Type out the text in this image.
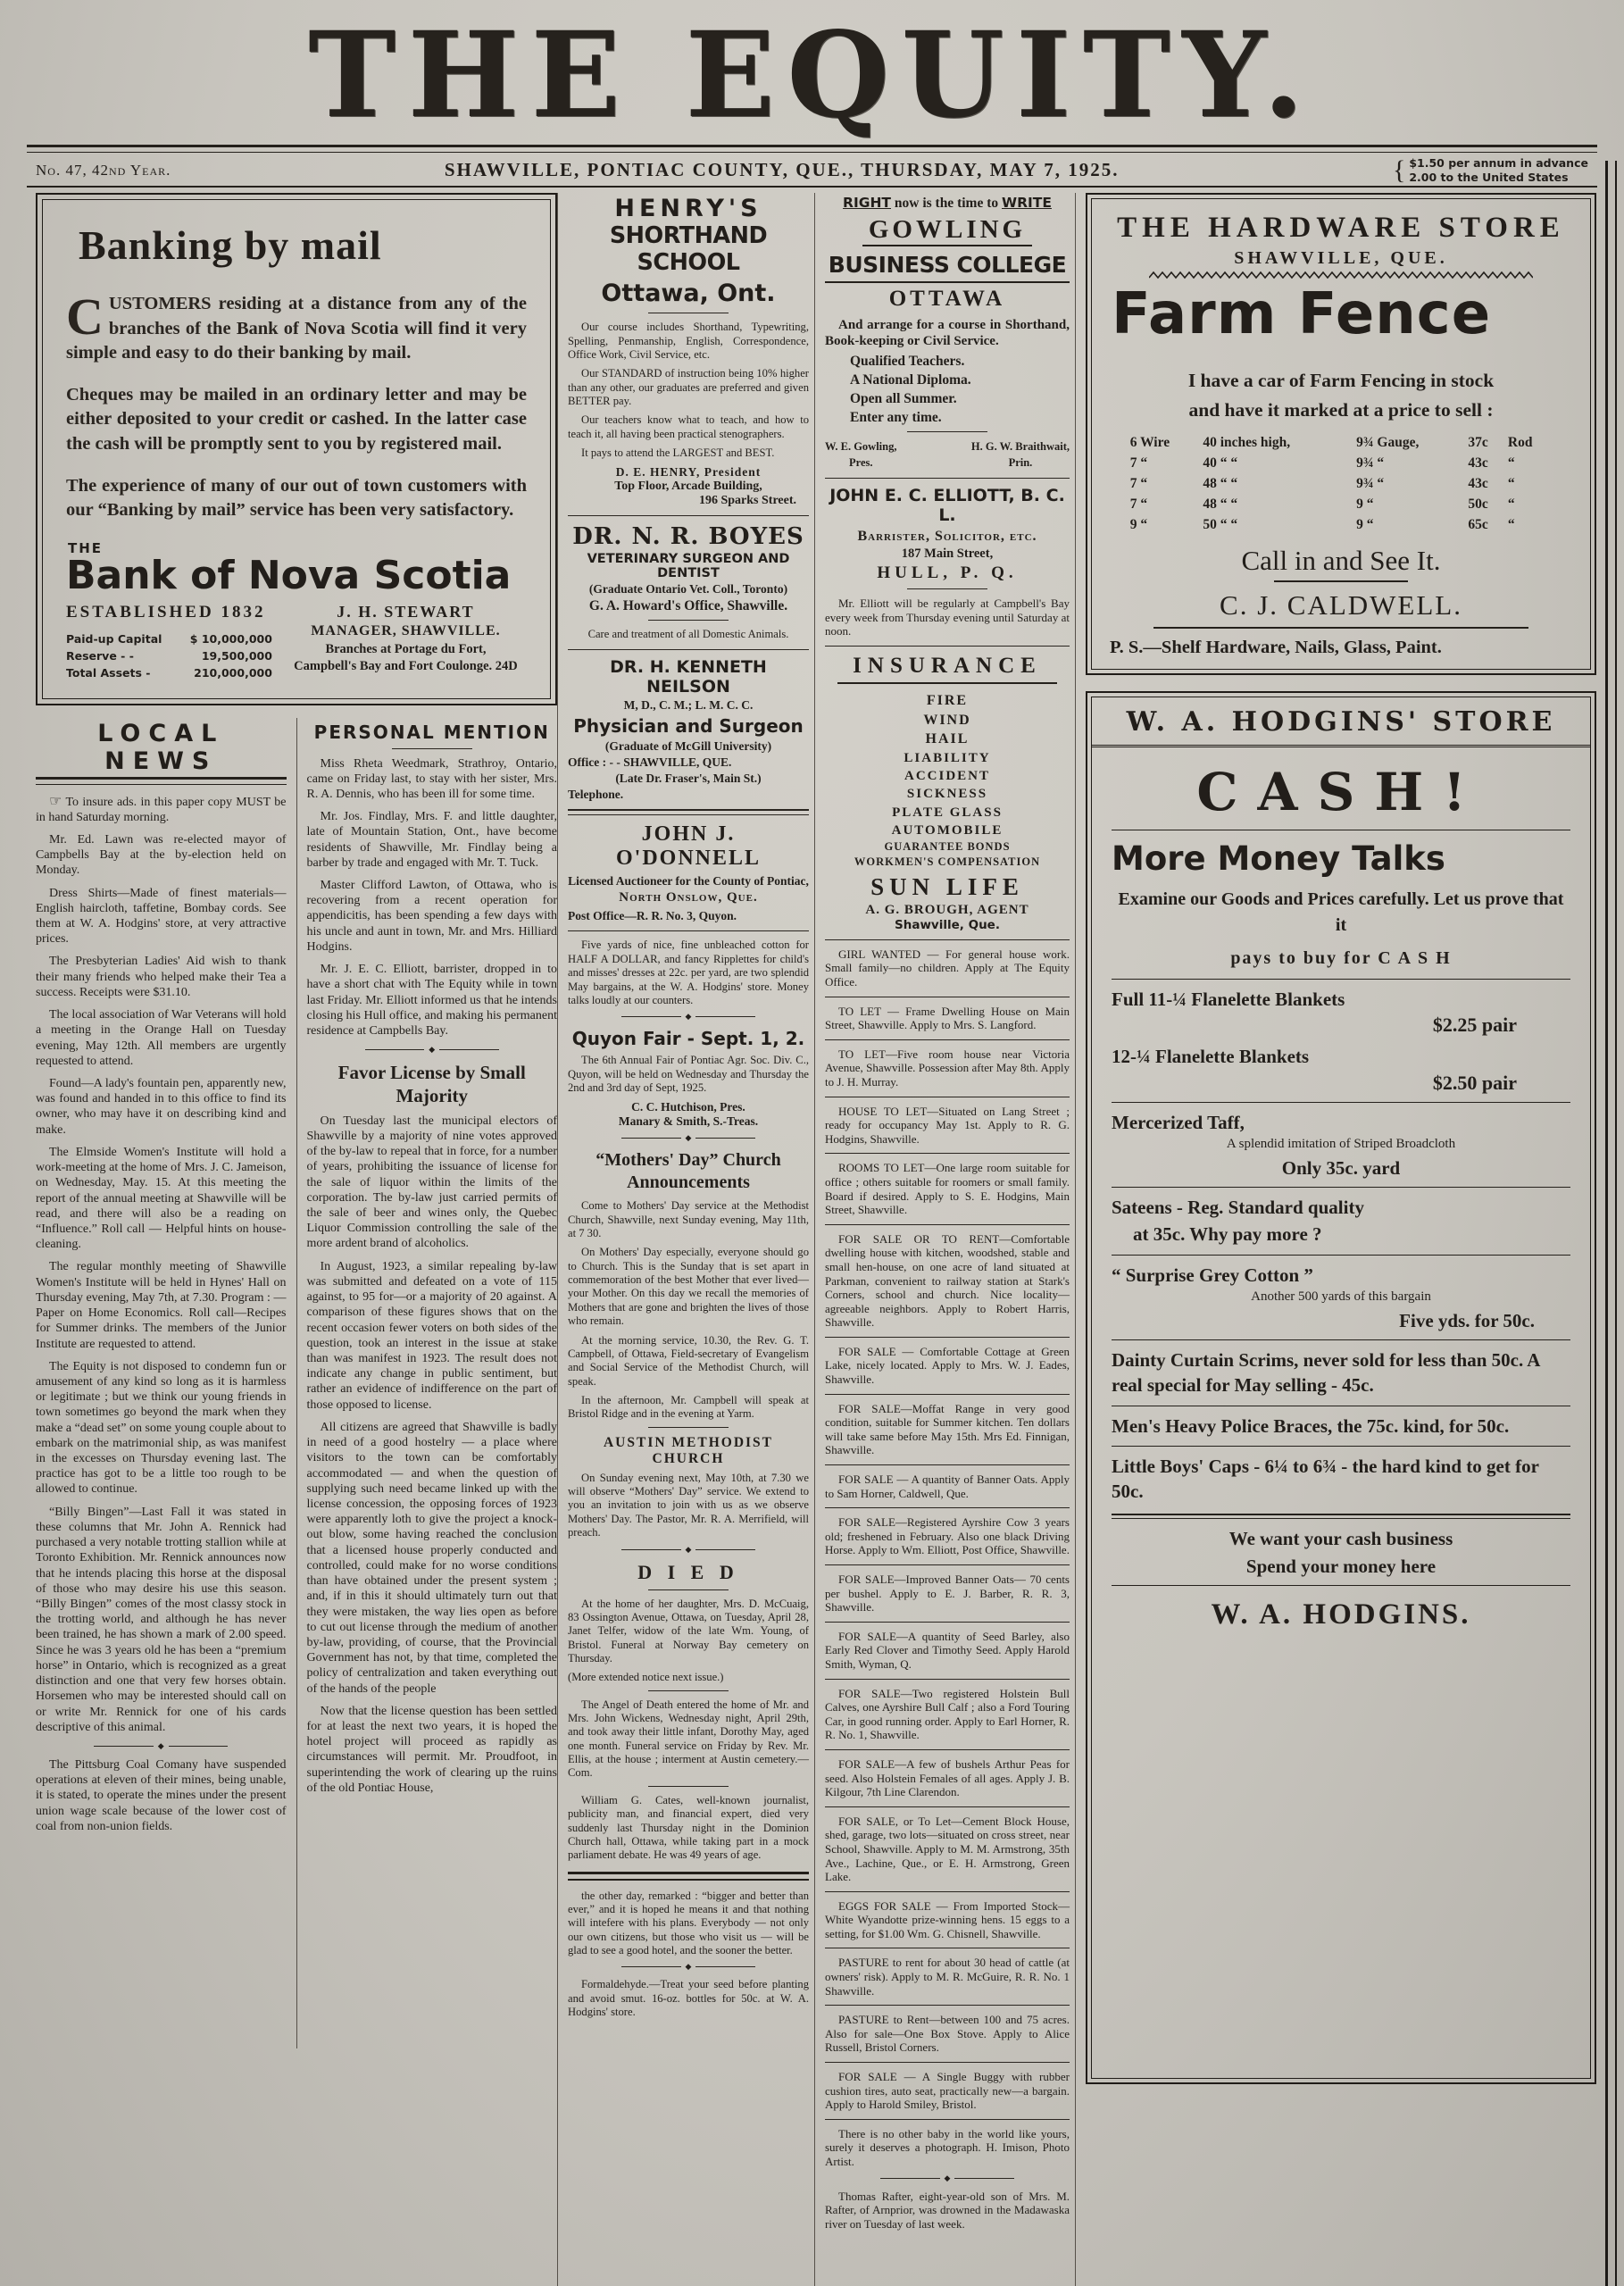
THE EQUITY.
No. 47, 42nd Year.	SHAWVILLE, PONTIAC COUNTY, QUE., THURSDAY, MAY 7, 1925.	{ $1.50 per annum in advance
2.00 to the United States
Banking by mail

CUSTOMERS residing at a distance from any of the branches of the Bank of Nova Scotia will find it very simple and easy to do their banking by mail.

Cheques may be mailed in an ordinary letter and may be either deposited to your credit or cashed. In the latter case the cash will be promptly sent to you by registered mail.

The experience of many of our out of town customers with our “Banking by mail” service has been very satisfactory.

THE
Bank of Nova Scotia
ESTABLISHED 1832
Paid-up Capital	$ 10,000,000
Reserve - -	19,500,000
Total Assets -	210,000,000
J. H. STEWART
MANAGER, SHAWVILLE.
Branches at Portage du Fort,
Campbell's Bay and Fort Coulonge. 24D
LOCAL NEWS

☞ To insure ads. in this paper copy MUST be in hand Saturday morning.

Mr. Ed. Lawn was re-elected mayor of Campbells Bay at the by-election held on Monday.

Dress Shirts—Made of finest materials—English haircloth, taffetine, Bombay cords. See them at W. A. Hodgins' store, at very attractive prices.

The Presbyterian Ladies' Aid wish to thank their many friends who helped make their Tea a success. Receipts were $31.10.

The local association of War Veterans will hold a meeting in the Orange Hall on Tuesday evening, May 12th. All members are urgently requested to attend.

Found—A lady's fountain pen, apparently new, was found and handed in to this office to find its owner, who may have it on describing kind and make.

The Elmside Women's Institute will hold a work-meeting at the home of Mrs. J. C. Jameison, on Wednesday, May. 15. At this meeting the report of the annual meeting at Shawville will be read, and there will also be a reading on “Influence.” Roll call — Helpful hints on house-cleaning.

The regular monthly meeting of Shawville Women's Institute will be held in Hynes' Hall on Thursday evening, May 7th, at 7.30. Program : —Paper on Home Economics. Roll call—Recipes for Summer drinks. The members of the Junior Institute are requested to attend.

The Equity is not disposed to condemn fun or amusement of any kind so long as it is harmless or legitimate ; but we think our young friends in town sometimes go beyond the mark when they make a “dead set” on some young couple about to embark on the matrimonial ship, as was manifest in the excesses on Thursday evening last. The practice has got to be a little too rough to be allowed to continue.

“Billy Bingen”—Last Fall it was stated in these columns that Mr. John A. Rennick had purchased a very notable trotting stallion while at Toronto Exhibition. Mr. Rennick announces now that he intends placing this horse at the disposal of those who may desire his use this season. “Billy Bingen” comes of the most classy stock in the trotting world, and although he has never been trained, he has shown a mark of 2.00 speed. Since he was 3 years old he has been a “premium horse” in Ontario, which is recognized as a great distinction and one that very few horses obtain. Horsemen who may be interested should call on or write Mr. Rennick for one of his cards descriptive of this animal.

◆

The Pittsburg Coal Comany have suspended operations at eleven of their mines, being unable, it is stated, to operate the mines under the present union wage scale because of the lower cost of coal from non-union fields.

PERSONAL MENTION

Miss Rheta Weedmark, Strathroy, Ontario, came on Friday last, to stay with her sister, Mrs. R. A. Dennis, who has been ill for some time.

Mr. Jos. Findlay, Mrs. F. and little daughter, late of Mountain Station, Ont., have become residents of Shawville, Mr. Findlay being a barber by trade and engaged with Mr. T. Tuck.

Master Clifford Lawton, of Ottawa, who is recovering from a recent operation for appendicitis, has been spending a few days with his uncle and aunt in town, Mr. and Mrs. Hilliard Hodgins.

Mr. J. E. C. Elliott, barrister, dropped in to have a short chat with The Equity while in town last Friday. Mr. Elliott informed us that he intends closing his Hull office, and making his permanent residence at Campbells Bay.

◆
Favor License by Small
Majority

On Tuesday last the municipal electors of Shawville by a majority of nine votes approved of the by-law to repeal that in force, for a number of years, prohibiting the issuance of license for the sale of liquor within the limits of the corporation. The by-law just carried permits of the sale of beer and wines only, the Quebec Liquor Commission controlling the sale of the more ardent brand of alcoholics.

In August, 1923, a similar repealing by-law was submitted and defeated on a vote of 115 against, to 95 for—or a majority of 20 against. A comparison of these figures shows that on the recent occasion fewer voters on both sides of the question, took an interest in the issue at stake than was manifest in 1923. The result does not indicate any change in public sentiment, but rather an evidence of indifference on the part of those opposed to license.

All citizens are agreed that Shawville is badly in need of a good hostelry — a place where visitors to the town can be comfortably accommodated — and when the question of supplying such need became linked up with the license concession, the opposing forces of 1923 were apparently loth to give the project a knock-out blow, some having reached the conclusion that a licensed house properly conducted and controlled, could make for no worse conditions than have obtained under the present system ; and, if in this it should ultimately turn out that they were mistaken, the way lies open as before to cut out license through the medium of another by-law, providing, of course, that the Provincial Government has not, by that time, completed the policy of centralization and taken everything out of the hands of the people

Now that the license question has been settled for at least the next two years, it is hoped the hotel project will proceed as rapidly as circumstances will permit. Mr. Proudfoot, in superintending the work of clearing up the ruins of the old Pontiac House,

HENRY'S
SHORTHAND SCHOOL
Ottawa, Ont.

Our course includes Shorthand, Typewriting, Spelling, Penmanship, English, Correspondence, Office Work, Civil Service, etc.

Our STANDARD of instruction being 10% higher than any other, our graduates are preferred and given BETTER pay.

Our teachers know what to teach, and how to teach it, all having been practical stenographers.

It pays to attend the LARGEST and BEST.

D. E. HENRY, President
Top Floor, Arcade Building,
196 Sparks Street.
DR. N. R. BOYES
VETERINARY SURGEON AND DENTIST
(Graduate Ontario Vet. Coll., Toronto)
G. A. Howard's Office, Shawville.

Care and treatment of all Domestic Animals.

DR. H. KENNETH NEILSON
M, D., C. M.; L. M. C. C.
Physician and Surgeon
(Graduate of McGill University)
Office : - - SHAWVILLE, QUE.
(Late Dr. Fraser's, Main St.)
Telephone.
JOHN J. O'DONNELL
Licensed Auctioneer for the County of Pontiac,
North Onslow, Que.
Post Office—R. R. No. 3, Quyon.

Five yards of nice, fine unbleached cotton for HALF A DOLLAR, and fancy Ripplettes for child's and misses' dresses at 22c. per yard, are two splendid May bargains, at the W. A. Hodgins' store. Money talks loudly at our counters.

◆
Quyon Fair - Sept. 1, 2.

The 6th Annual Fair of Pontiac Agr. Soc. Div. C., Quyon, will be held on Wednesday and Thursday the 2nd and 3rd day of Sept, 1925.

C. C. Hutchison, Pres.
Manary & Smith, S.-Treas.
◆
“Mothers' Day” Church
Announcements

Come to Mothers' Day service at the Methodist Church, Shawville, next Sunday evening, May 11th, at 7 30.

On Mothers' Day especially, everyone should go to Church. This is the Sunday that is set apart in commemoration of the best Mother that ever lived—your Mother. On this day we recall the memories of Mothers that are gone and brighten the lives of those who remain.

At the morning service, 10.30, the Rev. G. T. Campbell, of Ottawa, Field-secretary of Evangelism and Social Service of the Methodist Church, will speak.

In the afternoon, Mr. Campbell will speak at Bristol Ridge and in the evening at Yarm.

AUSTIN METHODIST CHURCH

On Sunday evening next, May 10th, at 7.30 we will observe “Mothers' Day” service. We extend to you an invitation to join with us as we observe Mothers' Day. The Pastor, Mr. R. A. Merrifield, will preach.

◆
D I E D

At the home of her daughter, Mrs. D. McCuaig, 83 Ossington Avenue, Ottawa, on Tuesday, April 28, Janet Telfer, widow of the late Wm. Young, of Bristol. Funeral at Norway Bay cemetery on Thursday.

(More extended notice next issue.)

The Angel of Death entered the home of Mr. and Mrs. John Wickens, Wednesday night, April 29th, and took away their little infant, Dorothy May, aged one month. Funeral service on Friday by Rev. Mr. Ellis, at the house ; interment at Austin cemetery.—Com.

William G. Cates, well-known journalist, publicity man, and financial expert, died very suddenly last Thursday night in the Dominion Church hall, Ottawa, while taking part in a mock parliament debate. He was 49 years of age.

the other day, remarked : “bigger and better than ever,” and it is hoped he means it and that nothing will intefere with his plans. Everybody — not only our own citizens, but those who visit us — will be glad to see a good hotel, and the sooner the better.

◆

Formaldehyde.—Treat your seed before planting and avoid smut. 16-oz. bottles for 50c. at W. A. Hodgins' store.

RIGHT now is the time to WRITE
GOWLING
BUSINESS COLLEGE
OTTAWA

And arrange for a course in Shorthand, Book-keeping or Civil Service.

Qualified Teachers.
A National Diploma.
Open all Summer.
Enter any time.
W. E. Gowling,
Pres.
H. G. W. Braithwait,
Prin.
JOHN E. C. ELLIOTT, B. C. L.
Barrister, Solicitor, etc.
187 Main Street,
HULL, P. Q.

Mr. Elliott will be regularly at Campbell's Bay every week from Thursday evening until Saturday at noon.

INSURANCE
FIRE
WIND
HAIL
LIABILITY
ACCIDENT
SICKNESS
PLATE GLASS
AUTOMOBILE
GUARANTEE BONDS
WORKMEN'S COMPENSATION
SUN LIFE
A. G. BROUGH, AGENT
Shawville, Que.

GIRL WANTED — For general house work. Small family—no children. Apply at The Equity Office.

TO LET — Frame Dwelling House on Main Street, Shawville. Apply to Mrs. S. Langford.

TO LET—Five room house near Victoria Avenue, Shawville. Possession after May 8th. Apply to J. H. Murray.

HOUSE TO LET—Situated on Lang Street ; ready for occupancy May 1st. Apply to R. G. Hodgins, Shawville.

ROOMS TO LET—One large room suitable for office ; others suitable for roomers or small family. Board if desired. Apply to S. E. Hodgins, Main Street, Shawville.

FOR SALE OR TO RENT—Comfortable dwelling house with kitchen, woodshed, stable and small hen-house, on one acre of land situated at Parkman, convenient to railway station at Stark's Corners, school and church. Nice locality— agreeable neighbors. Apply to Robert Harris, Shawville.

FOR SALE — Comfortable Cottage at Green Lake, nicely located. Apply to Mrs. W. J. Eades, Shawville.

FOR SALE—Moffat Range in very good condition, suitable for Summer kitchen. Ten dollars will take same before May 15th. Mrs Ed. Finnigan, Shawville.

FOR SALE — A quantity of Banner Oats. Apply to Sam Horner, Caldwell, Que.

FOR SALE—Registered Ayrshire Cow 3 years old; freshened in February. Also one black Driving Horse. Apply to Wm. Elliott, Post Office, Shawville.

FOR SALE—Improved Banner Oats— 70 cents per bushel. Apply to E. J. Barber, R. R. 3, Shawville.

FOR SALE—A quantity of Seed Barley, also Early Red Clover and Timothy Seed. Apply Harold Smith, Wyman, Q.

FOR SALE—Two registered Holstein Bull Calves, one Ayrshire Bull Calf ; also a Ford Touring Car, in good running order. Apply to Earl Horner, R. R. No. 1, Shawville.

FOR SALE—A few of bushels Arthur Peas for seed. Also Holstein Females of all ages. Apply J. B. Kilgour, 7th Line Clarendon.

FOR SALE, or To Let—Cement Block House, shed, garage, two lots—situated on cross street, near School, Shawville. Apply to M. M. Armstrong, 35th Ave., Lachine, Que., or E. H. Armstrong, Green Lake.

EGGS FOR SALE — From Imported Stock—White Wyandotte prize-winning hens. 15 eggs to a setting, for $1.00 Wm. G. Chisnell, Shawville.

PASTURE to rent for about 30 head of cattle (at owners' risk). Apply to M. R. McGuire, R. R. No. 1 Shawville.

PASTURE to Rent—between 100 and 75 acres. Also for sale—One Box Stove. Apply to Alice Russell, Bristol Corners.

FOR SALE — A Single Buggy with rubber cushion tires, auto seat, practically new—a bargain. Apply to Harold Smiley, Bristol.

There is no other baby in the world like yours, surely it deserves a photograph. H. Imison, Photo Artist.

◆

Thomas Rafter, eight-year-old son of Mrs. M. Rafter, of Arnprior, was drowned in the Madawaska river on Tuesday of last week.

THE HARDWARE STORE
SHAWVILLE, QUE.
Farm Fence

I have a car of Farm Fencing in stock
and have it marked at a price to sell :

6 Wire	40 inches high,	9¾ Gauge,	37c	Rod
7 “	40 “ “	9¾ “	43c	“
7 “	48 “ “	9¾ “	43c	“
7 “	48 “ “	9 “	50c	“
9 “	50 “ “	9 “	65c	“
Call in and See It.
C. J. CALDWELL.
P. S.—Shelf Hardware, Nails, Glass, Paint.
W. A. HODGINS' STORE
CASH!
More Money Talks

Examine our Goods and Prices carefully. Let us prove that it

pays to buy for C A S H

Full 11-¼ Flanelette Blankets
$2.25 pair
12-¼ Flanelette Blankets
$2.50 pair
Mercerized Taff,

A splendid imitation of Striped Broadcloth

Only 35c. yard
Sateens - Reg. Standard quality
at 35c. Why pay more ?
“ Surprise Grey Cotton ”

Another 500 yards of this bargain

Five yds. for 50c.
Dainty Curtain Scrims, never sold for less than 50c. A real special for May selling - 45c.
Men's Heavy Police Braces, the 75c. kind, for 50c.
Little Boys' Caps - 6¼ to 6¾ - the hard kind to get for 50c.
We want your cash business
Spend your money here
W. A. HODGINS.
